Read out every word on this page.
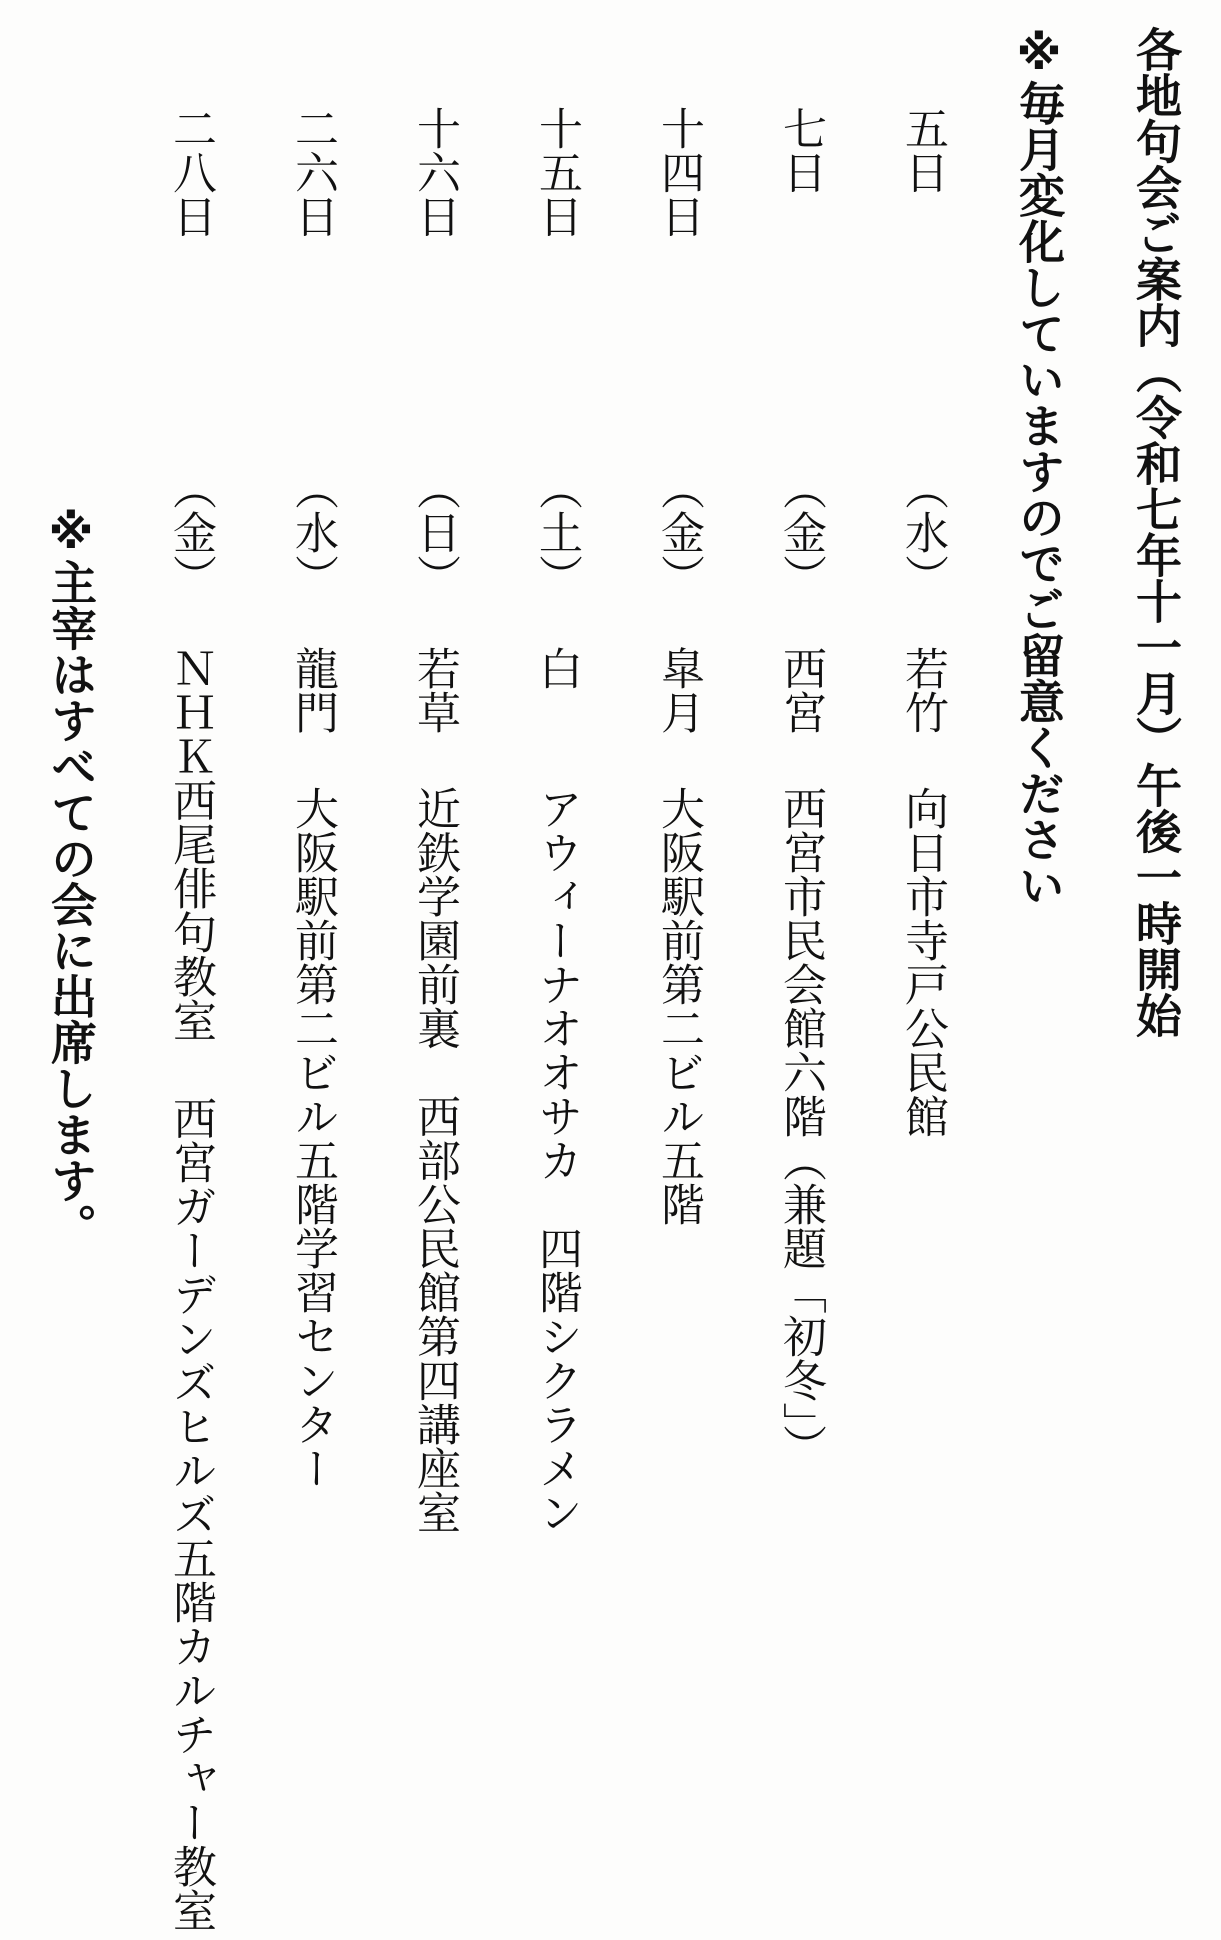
各地句会ご案内（令和七年十一月）午後一時開始
※毎月変化していますのでご留意ください
五日
（水）
若竹
向日市寺戸公民館
七日
（金）
西宮
西宮市民会館六階（兼題「初冬」）
十四日
（金）
皐月
大阪駅前第二ビル五階
十五日
（土）
白
アウィーナオオサカ　四階シクラメン
十六日
（日）
若草
近鉄学園前裏　西部公民館第四講座室
二六日
（水）
龍門
大阪駅前第二ビル五階学習センター
二八日
（金）
ＮＨＫ西尾俳句教室
西宮ガーデンズヒルズ五階カルチャー教室
※主宰はすべての会に出席します。
